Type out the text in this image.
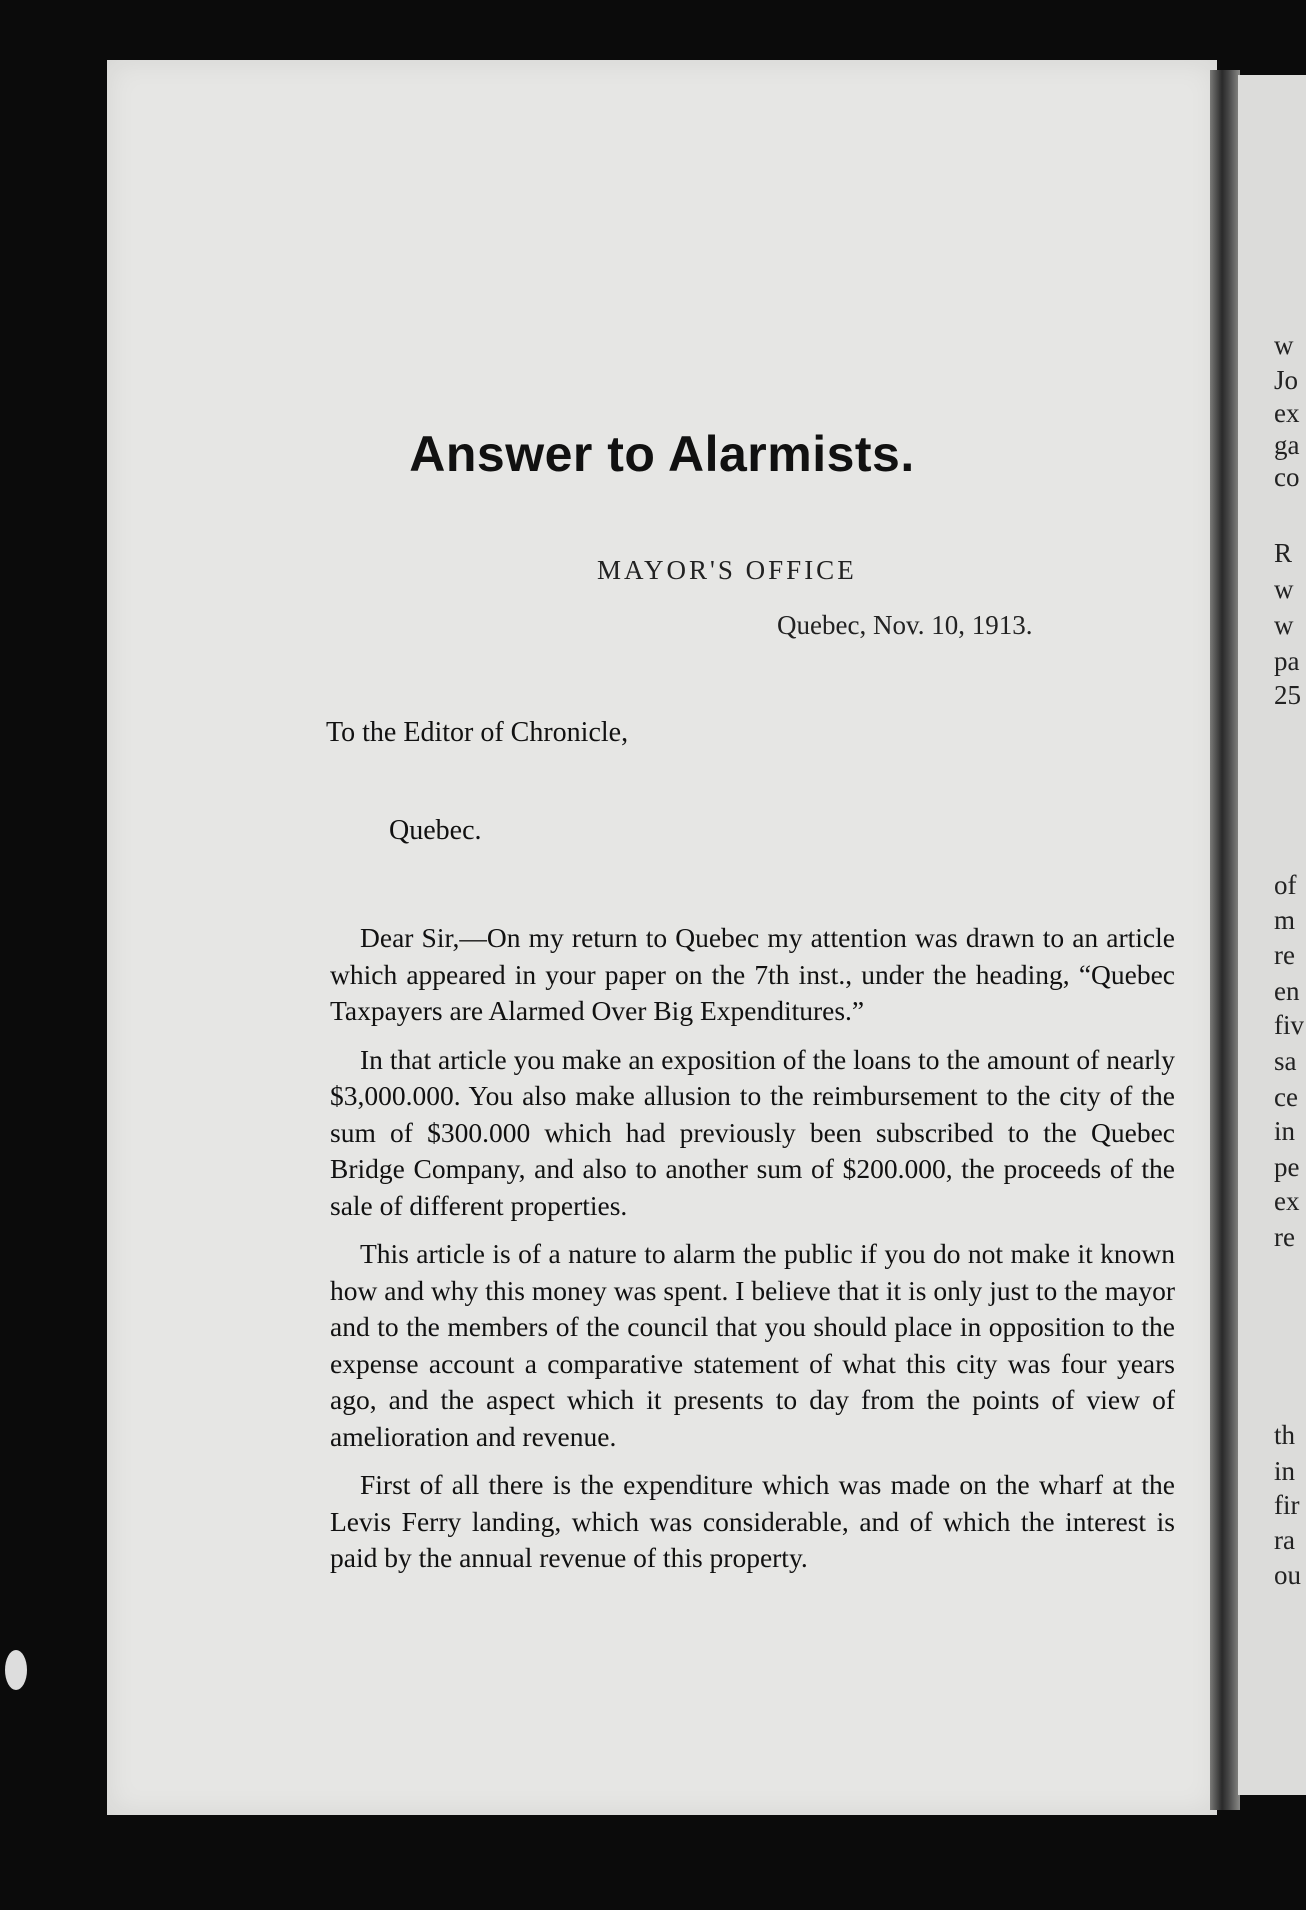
Answer to Alarmists.
MAYOR'S OFFICE
Quebec, Nov. 10, 1913.
To the Editor of Chronicle,
Quebec.

Dear Sir,—On my return to Quebec my attention was drawn to an article which appeared in your paper on the 7th inst., under the heading, “Quebec Taxpayers are Alarmed Over Big Expenditures.”

In that article you make an exposition of the loans to the amount of nearly $3,000.000. You also make allusion to the reimbursement to the city of the sum of $300.000 which had previously been subscribed to the Quebec Bridge Company, and also to another sum of $200.000, the proceeds of the sale of different properties.

This article is of a nature to alarm the public if you do not make it known how and why this money was spent. I believe that it is only just to the mayor and to the members of the council that you should place in opposition to the expense account a comparative statement of what this city was four years ago, and the aspect which it presents to day from the points of view of amelioration and revenue.

First of all there is the expenditure which was made on the wharf at the Levis Ferry landing, which was considerable, and of which the interest is paid by the annual revenue of this property.

w
Jo
ex
ga
co
R
w
w
pa
25
of
m
re
en
fiv
sa
ce
in
pe
ex
re
th
in
fir
ra
ou
